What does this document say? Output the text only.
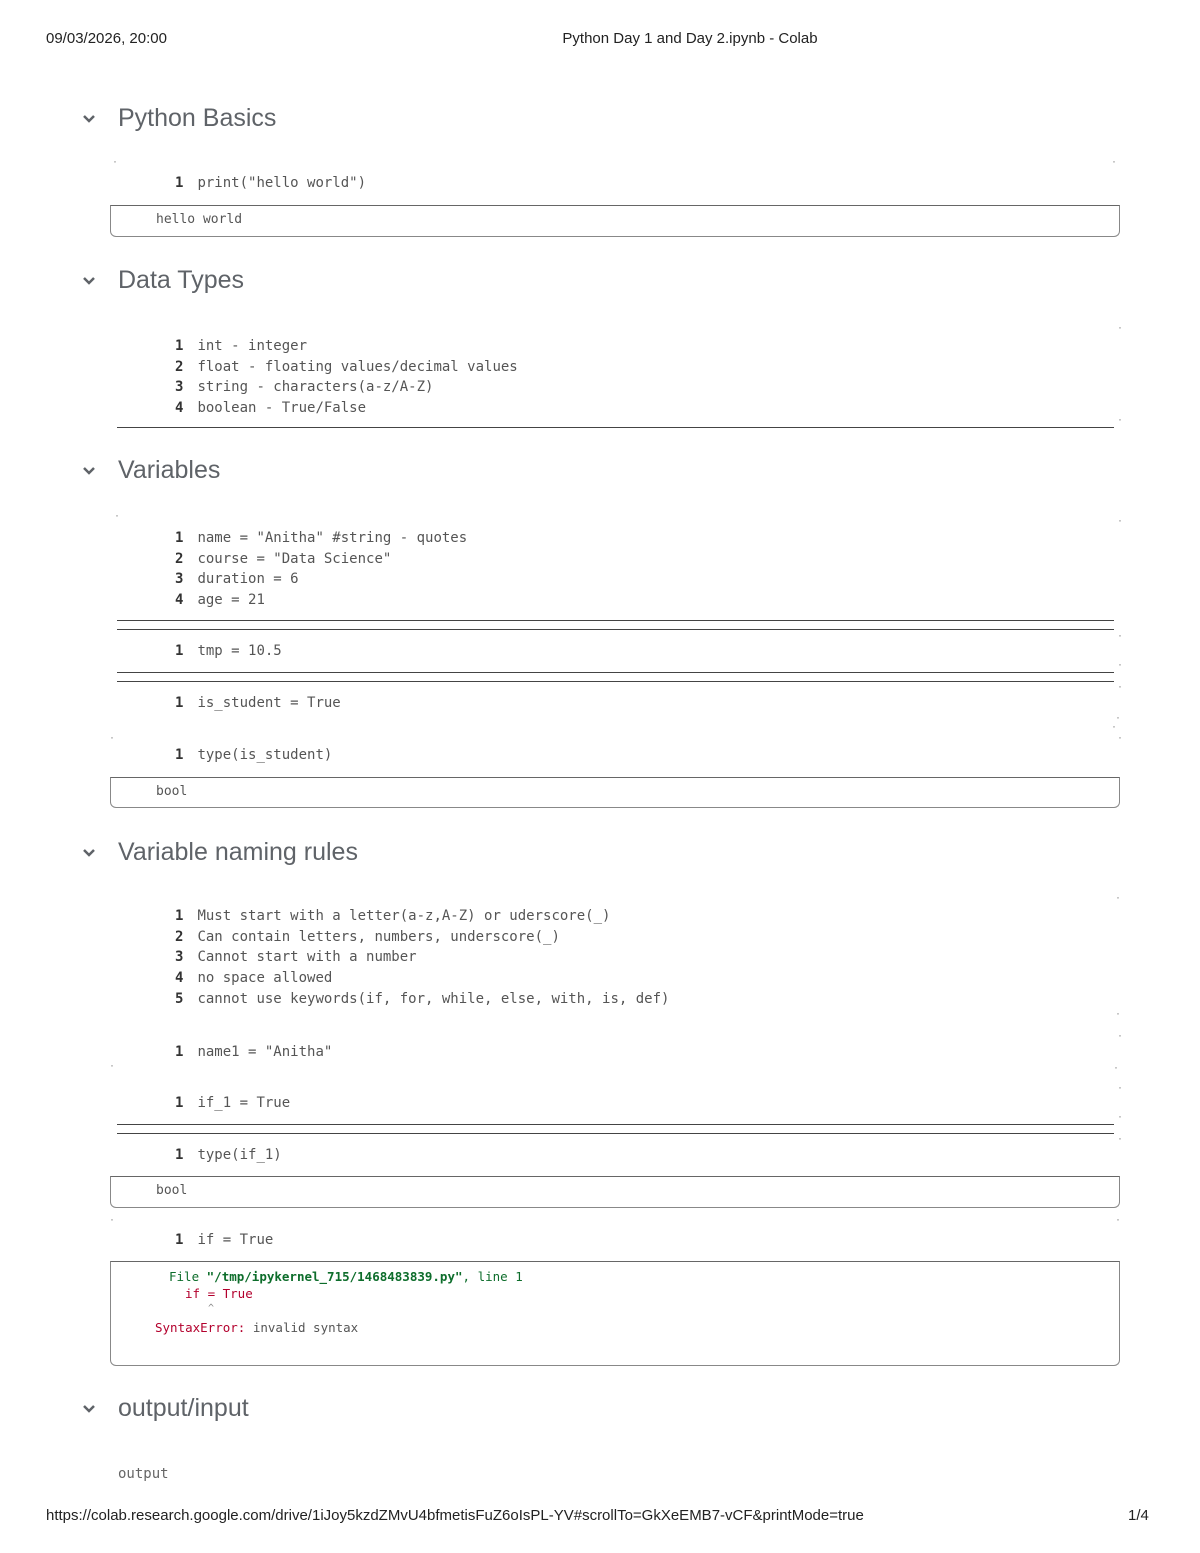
09/03/2026, 20:00	Python Day 1 and Day 2.ipynb - Colab
Python Basics
·
·
1 print("hello world")
hello world
Data Types
·
1 int - integer
2 float - floating values/decimal values
3 string - characters(a-z/A-Z)
4 boolean - True/False
·
Variables
·
·
1 name = "Anitha" #string - quotes
2 course = "Data Science"
3 duration = 6
4 age = 21
·
1 tmp = 10.5
·
·
1 is_student = True
·
·
·
·
1 type(is_student)
bool
Variable naming rules
·
1 Must start with a letter(a-z,A-Z) or uderscore(_)
2 Can contain letters, numbers, underscore(_)
3 Cannot start with a number
4 no space allowed
5 cannot use keywords(if, for, while, else, with, is, def)
·
·
1 name1 = "Anitha"
·
·
·
1 if_1 = True
·
·
1 type(if_1)
bool
·
·
1 if = True
File "/tmp/ipykernel_715/1468483839.py", line 1
if = True
^
SyntaxError: invalid syntax
output/input
output
https://colab.research.google.com/drive/1iJoy5kzdZMvU4bfmetisFuZ6oIsPL-YV#scrollTo=GkXeEMB7-vCF&printMode=true	1/4
